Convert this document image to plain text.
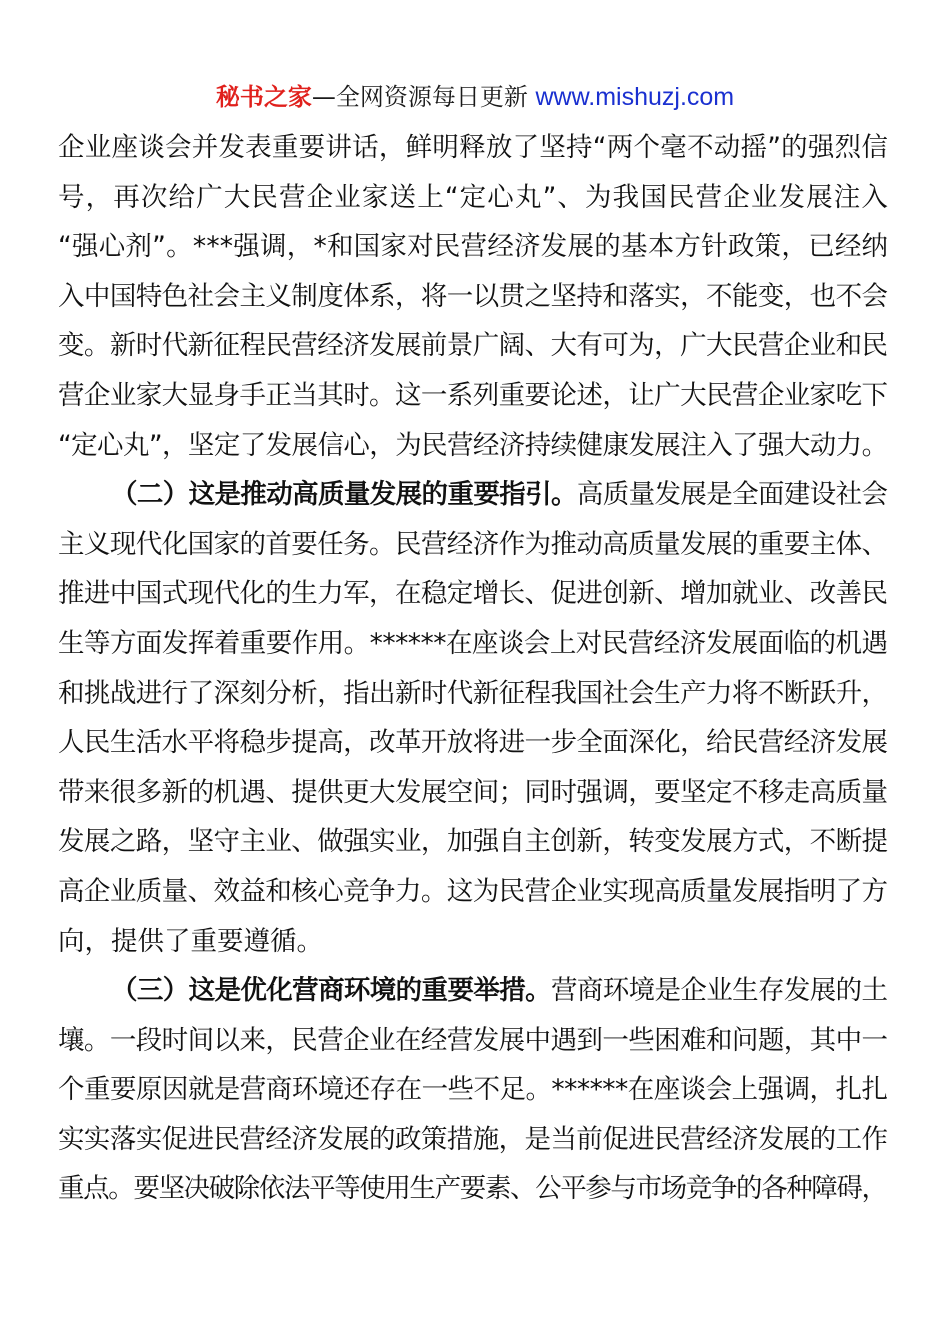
秘书之家—全网资源每日更新 www.mishuzj.com
企业座谈会并发表重要讲话，鲜明释放了坚持“两个毫不动摇”的强烈信
号，再次给广大民营企业家送上“定心丸”、为我国民营企业发展注入
“强心剂”。***强调，*和国家对民营经济发展的基本方针政策，已经纳
入中国特色社会主义制度体系，将一以贯之坚持和落实，不能变，也不会
变。新时代新征程民营经济发展前景广阔、大有可为，广大民营企业和民
营企业家大显身手正当其时。这一系列重要论述，让广大民营企业家吃下
“定心丸”，坚定了发展信心，为民营经济持续健康发展注入了强大动力。
（二）这是推动高质量发展的重要指引。高质量发展是全面建设社会
主义现代化国家的首要任务。民营经济作为推动高质量发展的重要主体、
推进中国式现代化的生力军，在稳定增长、促进创新、增加就业、改善民
生等方面发挥着重要作用。******在座谈会上对民营经济发展面临的机遇
和挑战进行了深刻分析，指出新时代新征程我国社会生产力将不断跃升，
人民生活水平将稳步提高，改革开放将进一步全面深化，给民营经济发展
带来很多新的机遇、提供更大发展空间；同时强调，要坚定不移走高质量
发展之路，坚守主业、做强实业，加强自主创新，转变发展方式，不断提
高企业质量、效益和核心竞争力。这为民营企业实现高质量发展指明了方
向，提供了重要遵循。
（三）这是优化营商环境的重要举措。营商环境是企业生存发展的土
壤。一段时间以来，民营企业在经营发展中遇到一些困难和问题，其中一
个重要原因就是营商环境还存在一些不足。******在座谈会上强调，扎扎
实实落实促进民营经济发展的政策措施，是当前促进民营经济发展的工作
重点。要坚决破除依法平等使用生产要素、公平参与市场竞争的各种障碍，
